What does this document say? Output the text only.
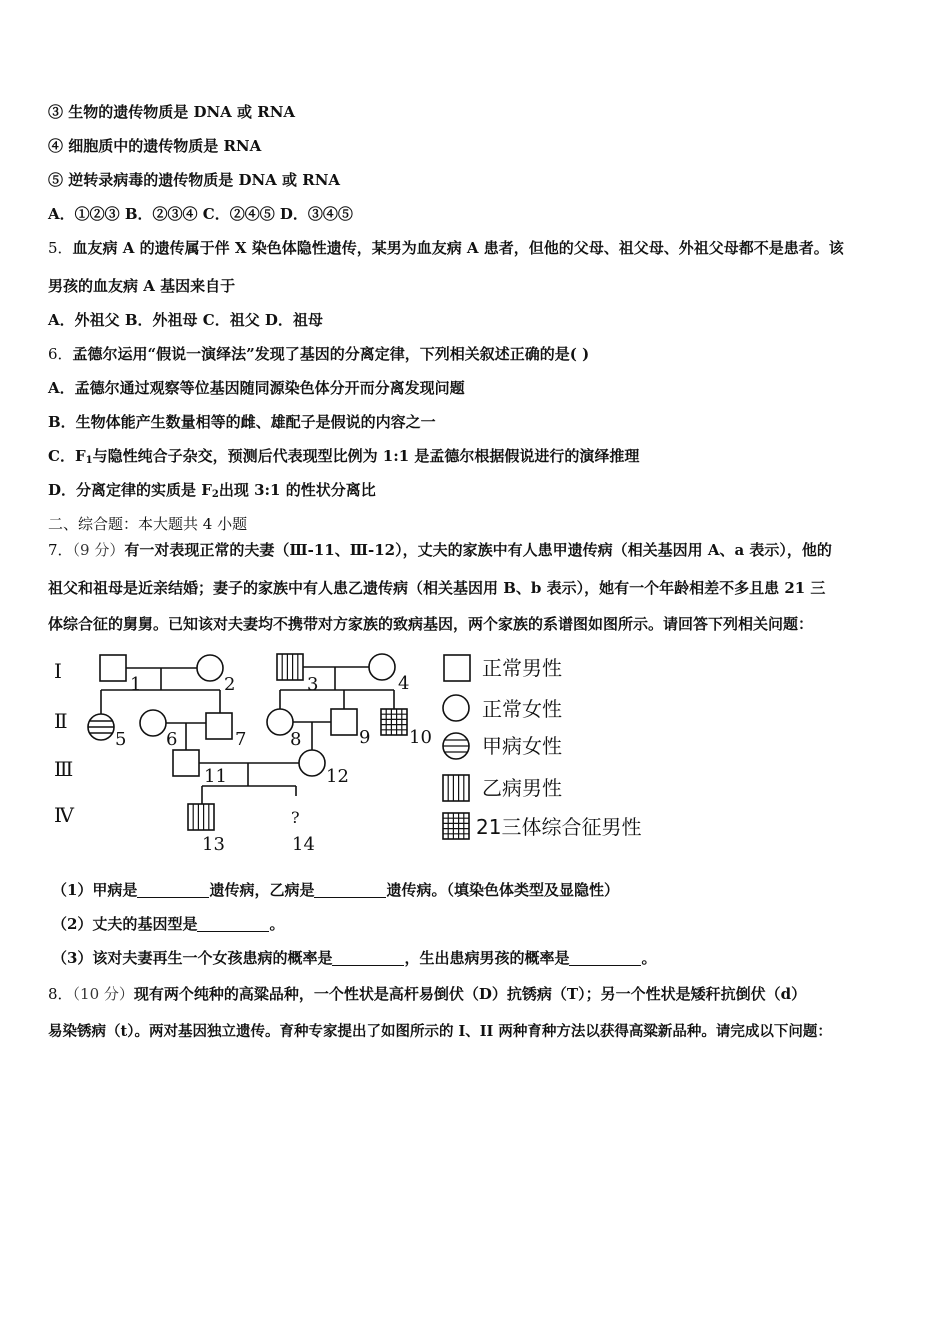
③ 生物的遗传物质是 DNA 或 RNA
④ 细胞质中的遗传物质是 RNA
⑤ 逆转录病毒的遗传物质是 DNA 或 RNA
A．①②③ B．②③④ C．②④⑤ D．③④⑤
5．血友病 A 的遗传属于伴 X 染色体隐性遗传，某男为血友病 A 患者，但他的父母、祖父母、外祖父母都不是患者。该
男孩的血友病 A 基因来自于
A．外祖父 B．外祖母 C．祖父 D．祖母
6．孟德尔运用“假说一演绎法”发现了基因的分离定律，下列相关叙述正确的是( )
A．孟德尔通过观察等位基因随同源染色体分开而分离发现问题
B．生物体能产生数量相等的雌、雄配子是假说的内容之一
C．$F_1$与隐性纯合子杂交，预测后代表现型比例为 1:1 是孟德尔根据假说进行的演绎推理
D．分离定律的实质是 $F_2$出现 3:1 的性状分离比
二、综合题：本大题共 4 小题
7．（9 分）有一对表现正常的夫妻（Ⅲ-11、Ⅲ-12），丈夫的家族中有人患甲遗传病（相关基因用 A、a 表示），他的
祖父和祖母是近亲结婚；妻子的家族中有人患乙遗传病（相关基因用 B、b 表示），她有一个年龄相差不多且患 21 三
体综合征的舅舅。已知该对夫妻均不携带对方家族的致病基因，两个家族的系谱图如图所示。请回答下列相关问题：
Ⅰ
Ⅱ
Ⅲ
Ⅳ
1	2	3	4
5 6	7 8	9 10
11	12
13
?
14
正常男性
正常女性
甲病女性
乙病男性
21三体综合征男性
（1）甲病是	遗传病，乙病是	遗传病。（填染色体类型及显隐性）
（2）丈夫的基因型是	。
（3）该对夫妻再生一个女孩患病的概率是	，生出患病男孩的概率是	。
8．（10 分）现有两个纯种的高粱品种，一个性状是高杆易倒伏（D）抗锈病（T）；另一个性状是矮秆抗倒伏（d）
易染锈病（t）。两对基因独立遗传。育种专家提出了如图所示的 I、II 两种育种方法以获得高粱新品种。请完成以下问题：
